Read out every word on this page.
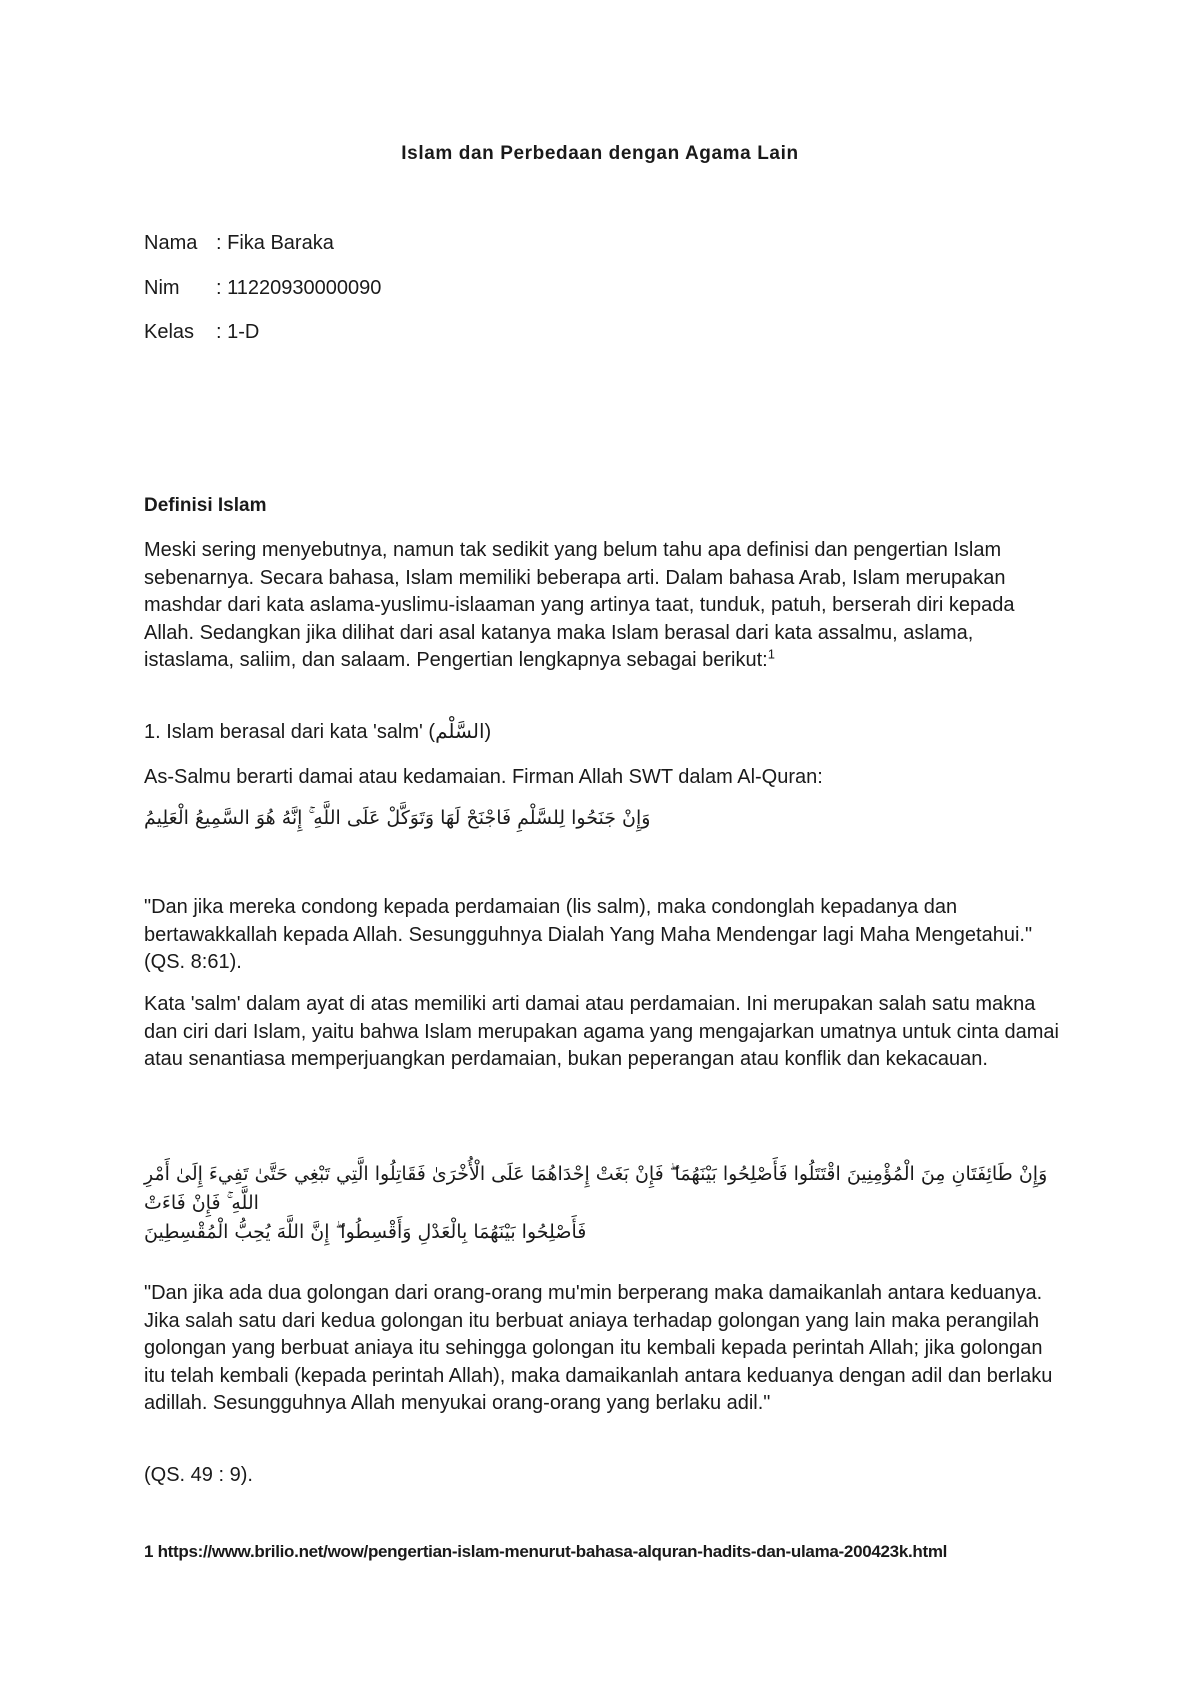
Islam dan Perbedaan dengan Agama Lain
Nama : Fika Baraka
Nim	: 11220930000090
Kelas	: 1-D
Definisi Islam

Meski sering menyebutnya, namun tak sedikit yang belum tahu apa definisi dan pengertian Islam sebenarnya. Secara bahasa, Islam memiliki beberapa arti. Dalam bahasa Arab, Islam merupakan mashdar dari kata aslama-yuslimu-islaaman yang artinya taat, tunduk, patuh, berserah diri kepada Allah. Sedangkan jika dilihat dari asal katanya maka Islam berasal dari kata assalmu, aslama, istaslama, saliim, dan salaam. Pengertian lengkapnya sebagai berikut:$^1$

1. Islam berasal dari kata 'salm' (السَّلْم)

As-Salmu berarti damai atau kedamaian. Firman Allah SWT dalam Al-Quran:

وَإِنْ جَنَحُوا لِلسَّلْمِ فَاجْنَحْ لَهَا وَتَوَكَّلْ عَلَى اللَّهِ ۚ إِنَّهُ هُوَ السَّمِيعُ الْعَلِيمُ

"Dan jika mereka condong kepada perdamaian (lis salm), maka condonglah kepadanya dan bertawakkallah kepada Allah. Sesungguhnya Dialah Yang Maha Mendengar lagi Maha Mengetahui." (QS. 8:61).

Kata 'salm' dalam ayat di atas memiliki arti damai atau perdamaian. Ini merupakan salah satu makna dan ciri dari Islam, yaitu bahwa Islam merupakan agama yang mengajarkan umatnya untuk cinta damai atau senantiasa memperjuangkan perdamaian, bukan peperangan atau konflik dan kekacauan.

وَإِنْ طَائِفَتَانِ مِنَ الْمُؤْمِنِينَ اقْتَتَلُوا فَأَصْلِحُوا بَيْنَهُمَا ۖ فَإِنْ بَغَتْ إِحْدَاهُمَا عَلَى الْأُخْرَىٰ فَقَاتِلُوا الَّتِي تَبْغِي حَتَّىٰ تَفِيءَ إِلَىٰ أَمْرِ اللَّهِ ۚ فَإِنْ فَاءَتْ
فَأَصْلِحُوا بَيْنَهُمَا بِالْعَدْلِ وَأَقْسِطُوا ۖ إِنَّ اللَّهَ يُحِبُّ الْمُقْسِطِينَ

"Dan jika ada dua golongan dari orang-orang mu'min berperang maka damaikanlah antara keduanya. Jika salah satu dari kedua golongan itu berbuat aniaya terhadap golongan yang lain maka perangilah golongan yang berbuat aniaya itu sehingga golongan itu kembali kepada perintah Allah; jika golongan itu telah kembali (kepada perintah Allah), maka damaikanlah antara keduanya dengan adil dan berlaku adillah. Sesungguhnya Allah menyukai orang-orang yang berlaku adil."

(QS. 49 : 9).

1 https://www.brilio.net/wow/pengertian-islam-menurut-bahasa-alquran-hadits-dan-ulama-200423k.html
